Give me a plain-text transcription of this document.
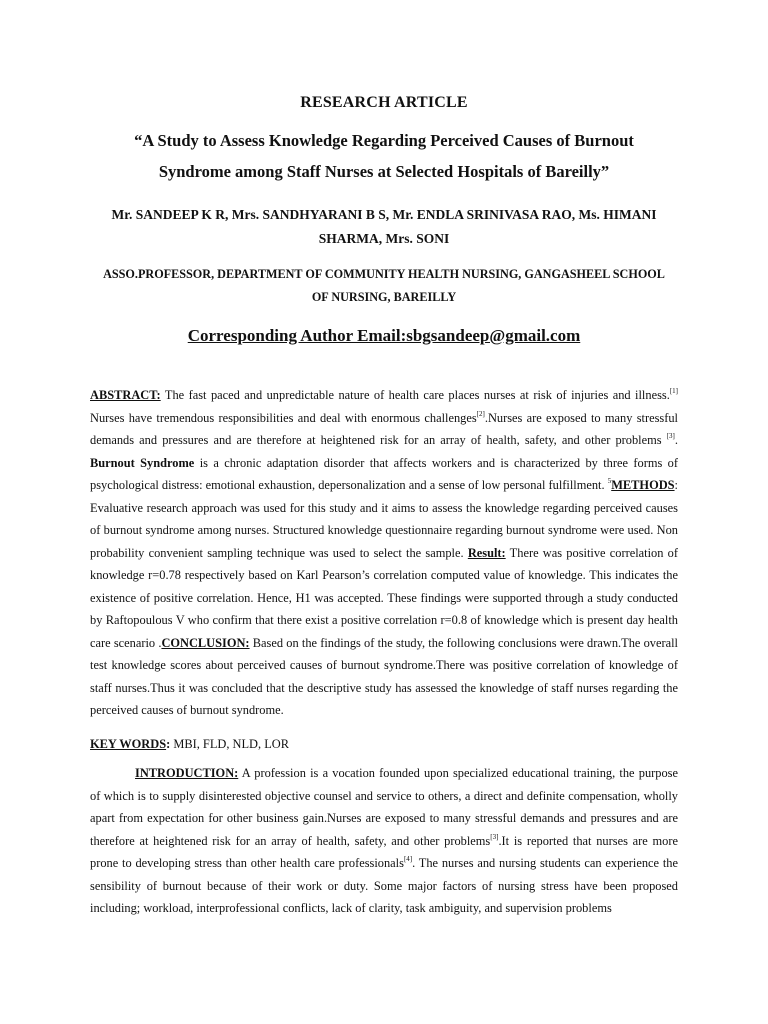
RESEARCH ARTICLE
“A Study to Assess Knowledge Regarding Perceived Causes of Burnout
Syndrome among Staff Nurses at Selected Hospitals of Bareilly”
Mr. SANDEEP K R, Mrs. SANDHYARANI B S, Mr. ENDLA SRINIVASA RAO, Ms. HIMANI
SHARMA, Mrs. SONI
ASSO.PROFESSOR, DEPARTMENT OF COMMUNITY HEALTH NURSING, GANGASHEEL SCHOOL
OF NURSING, BAREILLY
Corresponding Author Email:sbgsandeep@gmail.com
ABSTRACT: The fast paced and unpredictable nature of health care places nurses at risk of injuries and illness.[1] Nurses have tremendous responsibilities and deal with enormous challenges[2].Nurses are exposed to many stressful demands and pressures and are therefore at heightened risk for an array of health, safety, and other problems [3]. Burnout Syndrome is a chronic adaptation disorder that affects workers and is characterized by three forms of psychological distress: emotional exhaustion, depersonalization and a sense of low personal fulfillment. $^5$METHODS: Evaluative research approach was used for this study and it aims to assess the knowledge regarding perceived causes of burnout syndrome among nurses. Structured knowledge questionnaire regarding burnout syndrome were used. Non probability convenient sampling technique was used to select the sample. Result: There was positive correlation of knowledge r=0.78 respectively based on Karl Pearson’s correlation computed value of knowledge. This indicates the existence of positive correlation. Hence, H1 was accepted. These findings were supported through a study conducted by Raftopoulous V who confirm that there exist a positive correlation r=0.8 of knowledge which is present day health care scenario .CONCLUSION: Based on the findings of the study, the following conclusions were drawn.The overall test knowledge scores about perceived causes of burnout syndrome.There was positive correlation of knowledge of staff nurses.Thus it was concluded that the descriptive study has assessed the knowledge of staff nurses regarding the perceived causes of burnout syndrome.
KEY WORDS: MBI, FLD, NLD, LOR
INTRODUCTION: A profession is a vocation founded upon specialized educational training, the purpose of which is to supply disinterested objective counsel and service to others, a direct and definite compensation, wholly apart from expectation for other business gain.Nurses are exposed to many stressful demands and pressures and are therefore at heightened risk for an array of health, safety, and other problems[3].It is reported that nurses are more prone to developing stress than other health care professionals[4]. The nurses and nursing students can experience the sensibility of burnout because of their work or duty. Some major factors of nursing stress have been proposed including; workload, interprofessional conflicts, lack of clarity, task ambiguity, and supervision problems
